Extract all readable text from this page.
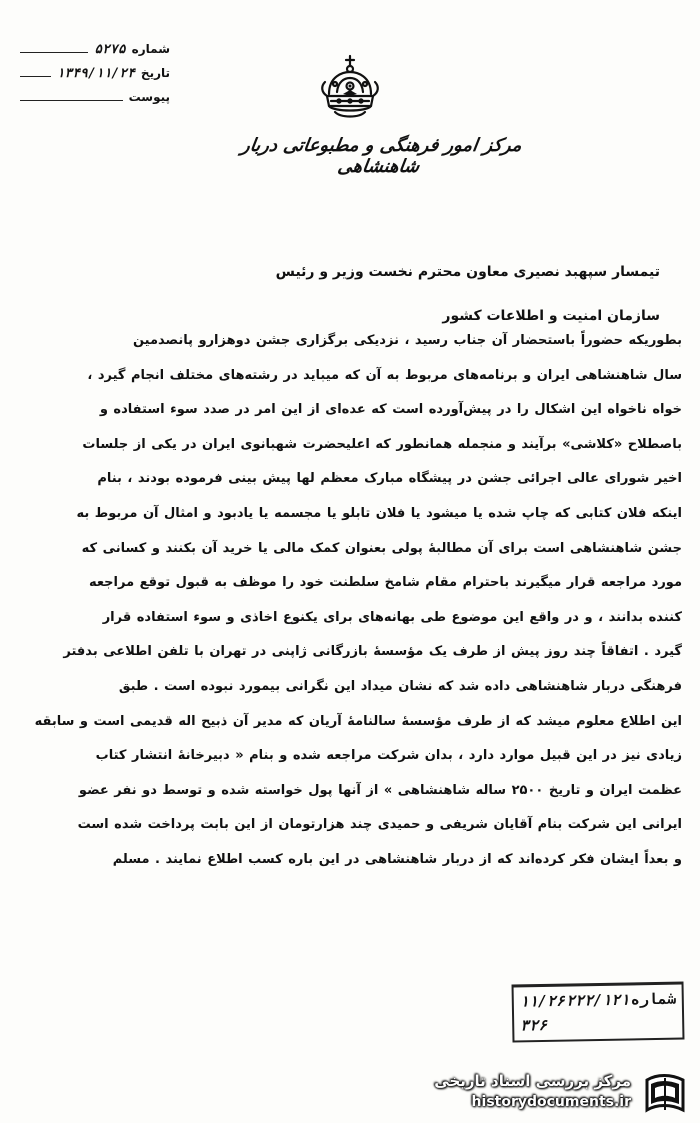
شماره
۵۲۷۵
تاریخ
۱۳۴۹/۱۱/۲۴
پیوست
مرکز امور فرهنگی و مطبوعاتی دربار شاهنشاهی
تیمسار سپهبد نصیری معاون محترم نخست وزیر و رئیس
سازمان امنیت و اطلاعات کشور

بطوریکه حضوراً باستحضار آن جناب رسید ، نزدیکی برگزاری جشن دوهزارو پانصدمین

سال شاهنشاهی ایران و برنامه‌های مربوط به آن که میباید در رشته‌های مختلف انجام گیرد ،

خواه ناخواه این اشکال را در پیش‌آورده است که عده‌ای از این امر در صدد سوء استفاده و

باصطلاح «کلاشی» برآیند و منجمله همانطور که اعلیحضرت شهبانوی ایران در یکی از جلسات

اخیر شورای عالی اجرائی جشن در پیشگاه مبارک معظم لها پیش بینی فرموده بودند ، بنام

اینکه فلان کتابی که چاپ شده یا میشود یا فلان تابلو یا مجسمه یا یادبود و امثال آن مربوط به

جشن شاهنشاهی است برای آن مطالبهٔ پولی بعنوان کمک مالی یا خرید آن بکنند و کسانی که

مورد مراجعه قرار میگیرند باحترام مقام شامخ سلطنت خود را موظف به قبول توقع مراجعه

کننده بدانند ، و در واقع این موضوع طی بهانه‌های برای یکنوع اخاذی و سوء استفاده قرار

گیرد . اتفاقاً چند روز پیش از طرف یک مؤسسهٔ بازرگانی ژاپنی در تهران با تلفن اطلاعی بدفتر

فرهنگی دربار شاهنشاهی داده شد که نشان میداد این نگرانی بیمورد نبوده است . طبق

این اطلاع معلوم میشد که از طرف مؤسسهٔ سالنامهٔ آریان که مدیر آن ذبیح اله قدیمی است و سابقه

زیادی نیز در این قبیل موارد دارد ، بدان شرکت مراجعه شده و بنام « دبیرخانهٔ انتشار کتاب

عظمت ایران و تاریخ ۲۵۰۰ ساله شاهنشاهی » از آنها پول خواسته شده و توسط دو نفر عضو

ایرانی این شرکت بنام آقایان شریفی و حمیدی چند هزارتومان از این بابت پرداخت شده است

و بعداً ایشان فکر کرده‌اند که از دربار شاهنشاهی در این باره کسب اطلاع نمایند . مسلم

شماره
۲۲۲/۱۲۱
۱۱/۲۶
۳۲۶
مرکز بررسی اسناد تاریخی
historydocuments.ir
